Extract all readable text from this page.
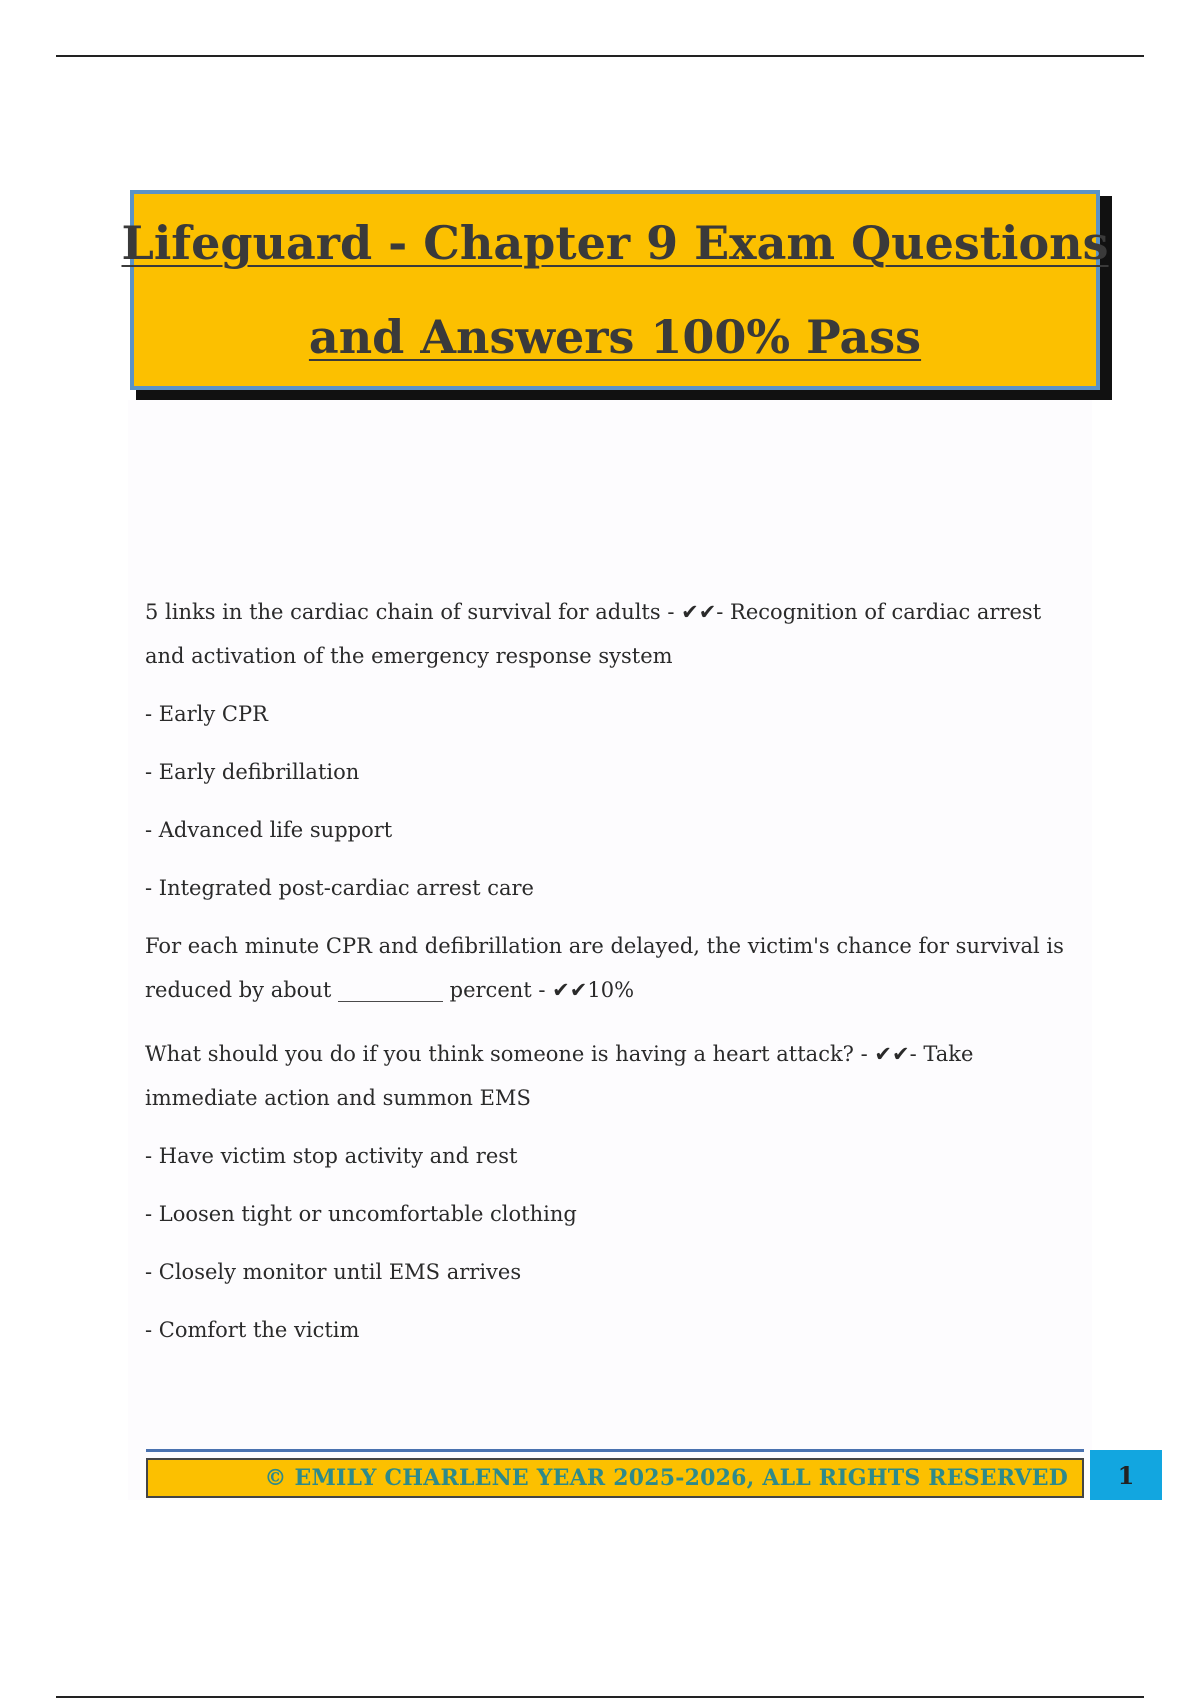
Lifeguard - Chapter 9 Exam Questions
and Answers 100% Pass

5 links in the cardiac chain of survival for adults - ✔✔- Recognition of cardiac arrest

and activation of the emergency response system

- Early CPR

- Early defibrillation

- Advanced life support

- Integrated post-cardiac arrest care

For each minute CPR and defibrillation are delayed, the victim's chance for survival is

reduced by about __________ percent - ✔✔10%

What should you do if you think someone is having a heart attack? - ✔✔- Take

immediate action and summon EMS

- Have victim stop activity and rest

- Loosen tight or uncomfortable clothing

- Closely monitor until EMS arrives

- Comfort the victim

© EMILY CHARLENE YEAR 2025-2026, ALL RIGHTS RESERVED 1
